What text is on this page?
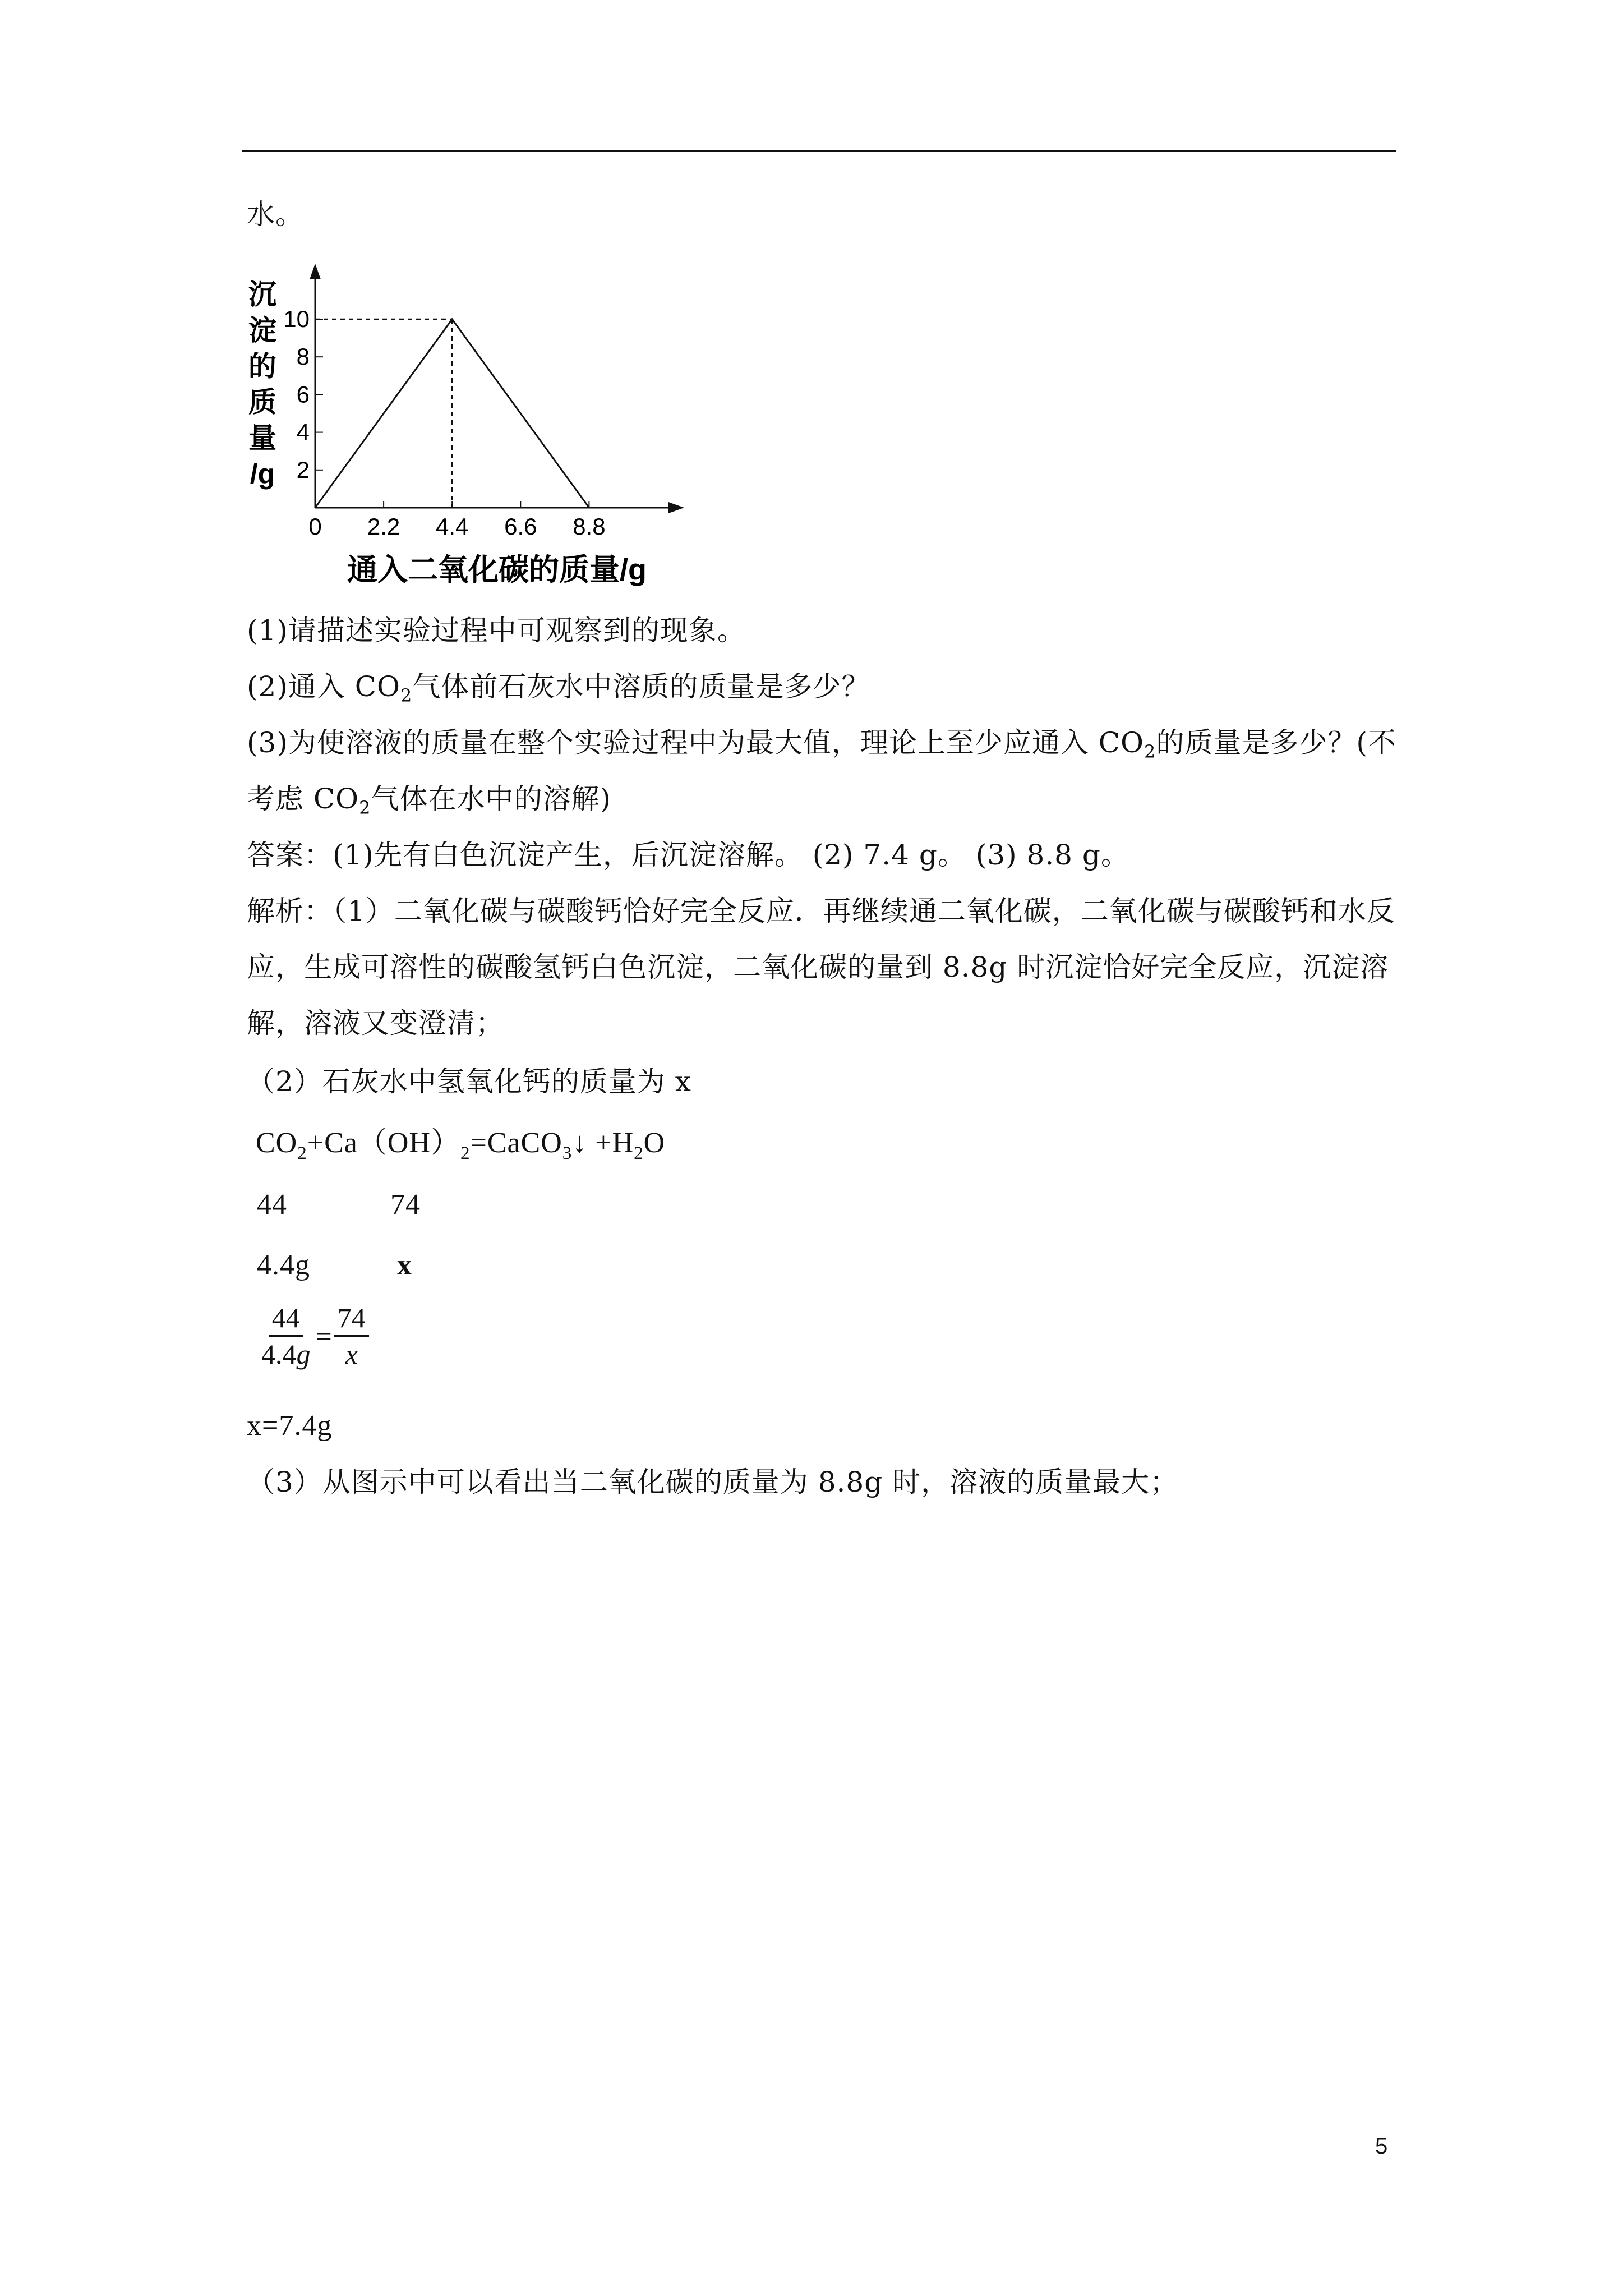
水。
2
4
6
8
10
0 2.2 4.4 6.6 8.8
沉
淀
的
质
量
/g
通入二氧化碳的质量/g
(1)请描述实验过程中可观察到的现象。
(2)通入 $CO_2$气体前石灰水中溶质的质量是多少？
(3)为使溶液的质量在整个实验过程中为最大值，理论上至少应通入 $CO_2$的质量是多少？(不
考虑 $CO_2$气体在水中的溶解)
答案：(1)先有白色沉淀产生，后沉淀溶解。 (2) 7.4 g。 (3) 8.8 g。
解析：（1）二氧化碳与碳酸钙恰好完全反应．再继续通二氧化碳，二氧化碳与碳酸钙和水反
应，生成可溶性的碳酸氢钙白色沉淀，二氧化碳的量到 8.8g 时沉淀恰好完全反应，沉淀溶
解，溶液又变澄清；
（2）石灰水中氢氧化钙的质量为 x
$CO_2+Ca(OH)_2=CaCO_3↓ +H_2O$
44	74
4.4g	x
$\frac{44}{4.4g} = \frac{74}{x}$
x=7.4g
（3）从图示中可以看出当二氧化碳的质量为 8.8g 时，溶液的质量最大；
5
